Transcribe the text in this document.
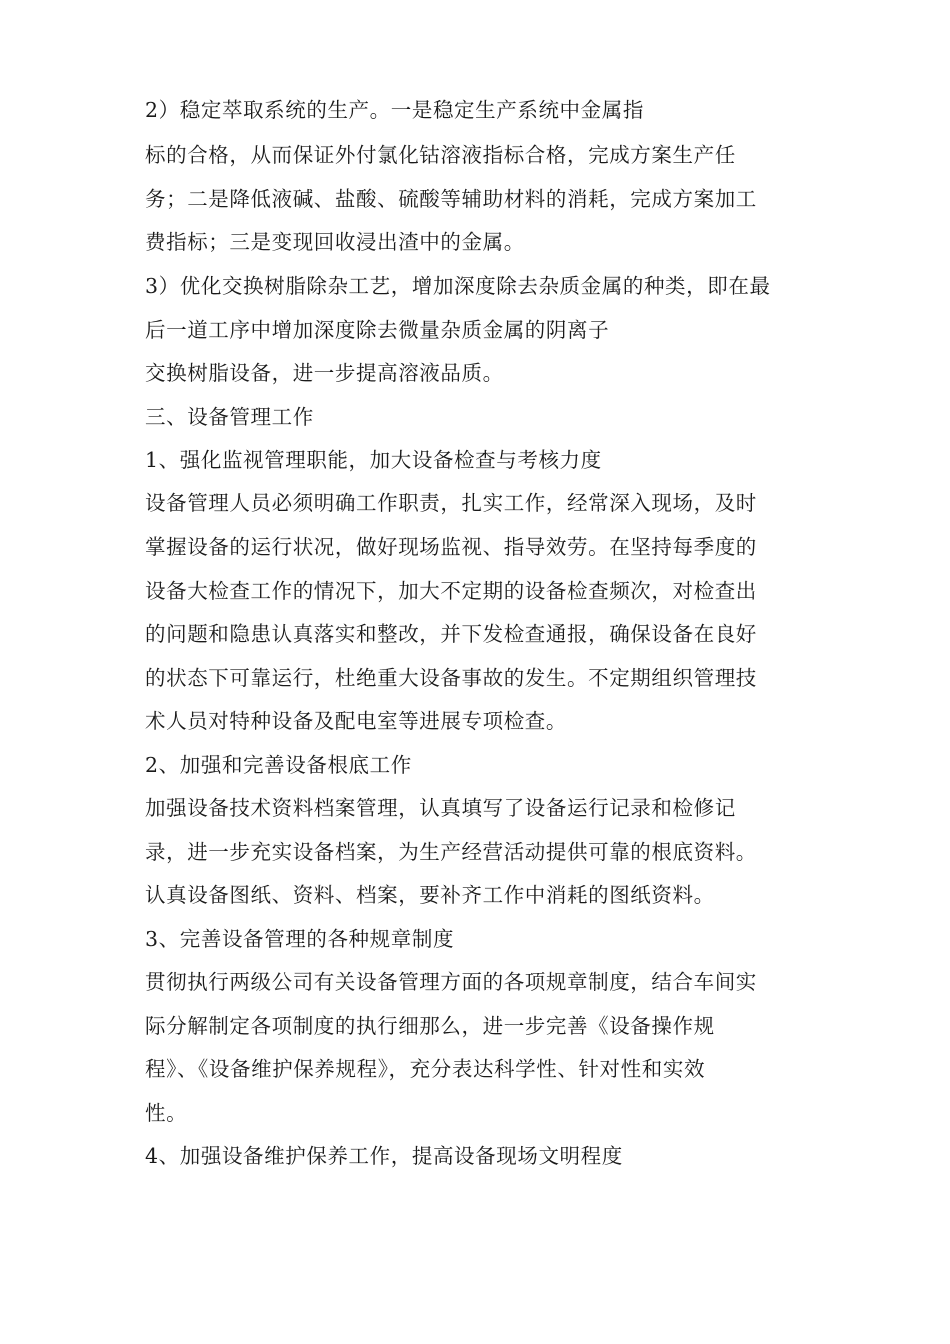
2）稳定萃取系统的生产。一是稳定生产系统中金属指
标的合格，从而保证外付氯化钴溶液指标合格，完成方案生产任
务；二是降低液碱、盐酸、硫酸等辅助材料的消耗，完成方案加工
费指标；三是变现回收浸出渣中的金属。
3）优化交换树脂除杂工艺，增加深度除去杂质金属的种类，即在最
后一道工序中增加深度除去微量杂质金属的阴离子
交换树脂设备，进一步提高溶液品质。
三、设备管理工作
1、强化监视管理职能，加大设备检查与考核力度
设备管理人员必须明确工作职责，扎实工作，经常深入现场，及时
掌握设备的运行状况，做好现场监视、指导效劳。在坚持每季度的
设备大检查工作的情况下，加大不定期的设备检查频次，对检查出
的问题和隐患认真落实和整改，并下发检查通报，确保设备在良好
的状态下可靠运行，杜绝重大设备事故的发生。不定期组织管理技
术人员对特种设备及配电室等进展专项检查。
2、加强和完善设备根底工作
加强设备技术资料档案管理，认真填写了设备运行记录和检修记
录，进一步充实设备档案，为生产经营活动提供可靠的根底资料。
认真设备图纸、资料、档案，要补齐工作中消耗的图纸资料。
3、完善设备管理的各种规章制度
贯彻执行两级公司有关设备管理方面的各项规章制度，结合车间实
际分解制定各项制度的执行细那么，进一步完善《设备操作规
程》、《设备维护保养规程》，充分表达科学性、针对性和实效
性。
4、加强设备维护保养工作，提高设备现场文明程度
